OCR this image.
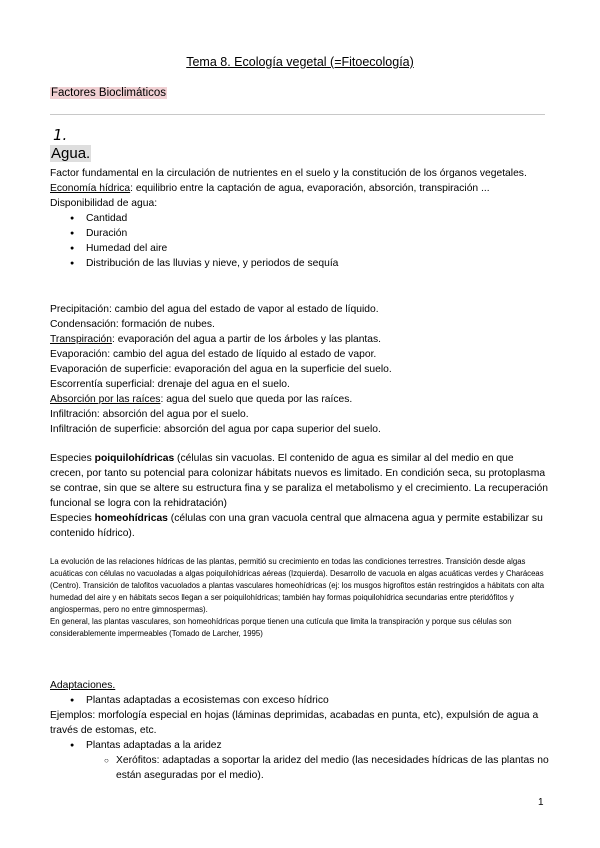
Tema 8. Ecología vegetal (=Fitoecología)
Factores Bioclimáticos
1.
Agua.

Factor fundamental en la circulación de nutrientes en el suelo y la constitución de los órganos vegetales.

Economía hídrica: equilibrio entre la captación de agua, evaporación, absorción, transpiración ...

Disponibilidad de agua:

● Cantidad
● Duración
● Humedad del aire
● Distribución de las lluvias y nieve, y periodos de sequía

Precipitación: cambio del agua del estado de vapor al estado de líquido.

Condensación: formación de nubes.

Transpiración: evaporación del agua a partir de los árboles y las plantas.

Evaporación: cambio del agua del estado de líquido al estado de vapor.

Evaporación de superficie: evaporación del agua en la superficie del suelo.

Escorrentía superficial: drenaje del agua en el suelo.

Absorción por las raíces: agua del suelo que queda por las raíces.

Infiltración: absorción del agua por el suelo.

Infiltración de superficie: absorción del agua por capa superior del suelo.

Especies poiquilohídricas (células sin vacuolas. El contenido de agua es similar al del medio en que crecen, por tanto su potencial para colonizar hábitats nuevos es limitado. En condición seca, su protoplasma se contrae, sin que se altere su estructura fina y se paraliza el metabolismo y el crecimiento. La recuperación funcional se logra con la rehidratación)

Especies homeohídricas (células con una gran vacuola central que almacena agua y permite estabilizar su contenido hídrico).

La evolución de las relaciones hídricas de las plantas, permitió su crecimiento en todas las condiciones terrestres. Transición desde algas acuáticas con células no vacuoladas a algas poiquilohídricas aéreas (Izquierda). Desarrollo de vacuola en algas acuáticas verdes y Charáceas (Centro). Transición de talofitos vacuolados a plantas vasculares homeohídricas (ej: los musgos higrofitos están restringidos a hábitats con alta humedad del aire y en hábitats secos llegan a ser poiquilohídricas; también hay formas poiquilohídrica secundarias entre pteridófitos y angiospermas, pero no entre gimnospermas).

En general, las plantas vasculares, son homeohídricas porque tienen una cutícula que limita la transpiración y porque sus células son considerablemente impermeables (Tomado de Larcher, 1995)

Adaptaciones.

● Plantas adaptadas a ecosistemas con exceso hídrico

Ejemplos: morfología especial en hojas (láminas deprimidas, acabadas en punta, etc), expulsión de agua a través de estomas, etc.

● Plantas adaptadas a la aridez
○ Xerófitos: adaptadas a soportar la aridez del medio (las necesidades hídricas de las plantas no están aseguradas por el medio).
1
